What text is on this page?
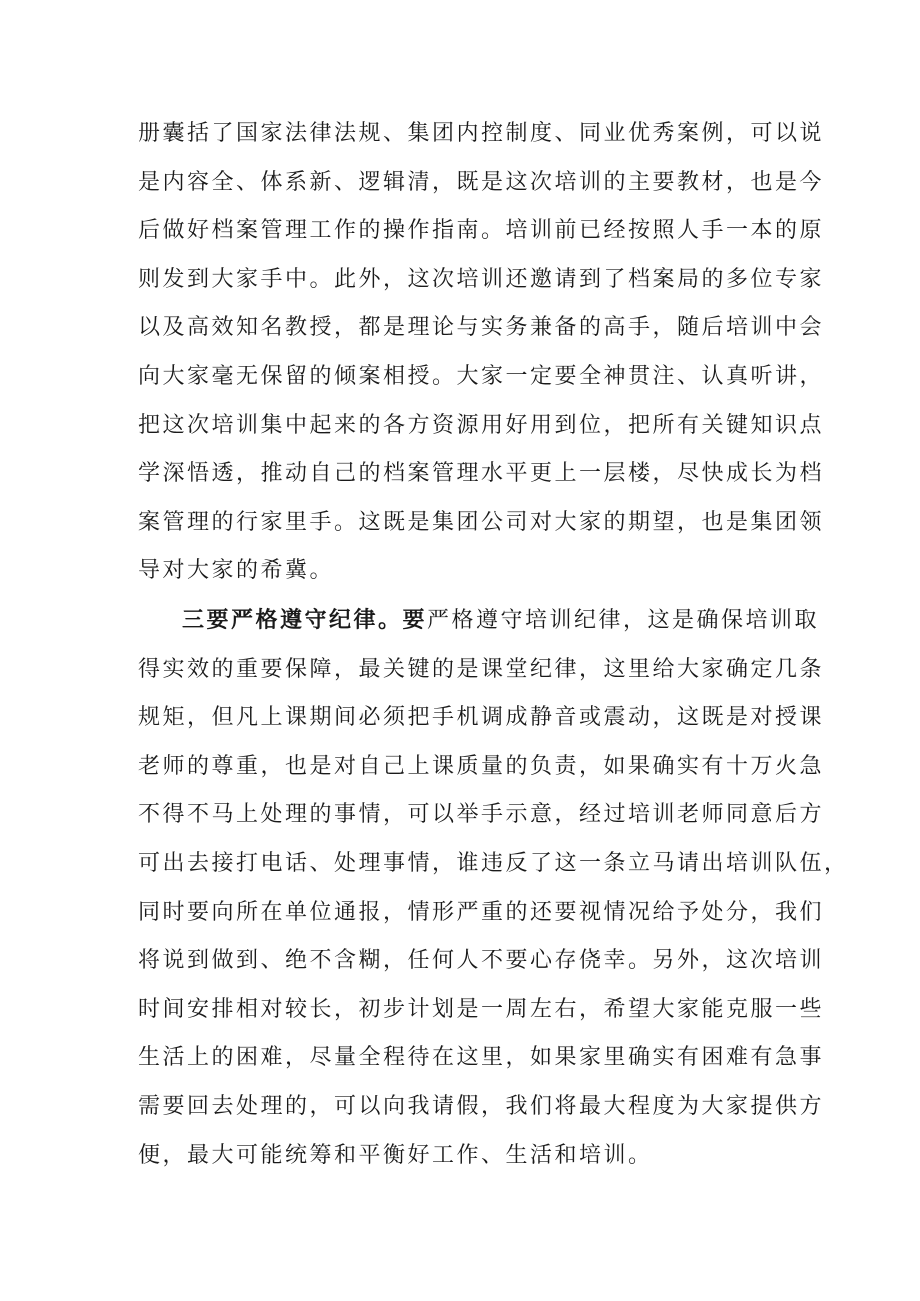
册囊括了国家法律法规、集团内控制度、同业优秀案例，可以说
是内容全、体系新、逻辑清，既是这次培训的主要教材，也是今
后做好档案管理工作的操作指南。培训前已经按照人手一本的原
则发到大家手中。此外，这次培训还邀请到了档案局的多位专家
以及高效知名教授，都是理论与实务兼备的高手，随后培训中会
向大家毫无保留的倾案相授。大家一定要全神贯注、认真听讲，
把这次培训集中起来的各方资源用好用到位，把所有关键知识点
学深悟透，推动自己的档案管理水平更上一层楼，尽快成长为档
案管理的行家里手。这既是集团公司对大家的期望，也是集团领
导对大家的希冀。
三要严格遵守纪律。要严格遵守培训纪律，这是确保培训取
得实效的重要保障，最关键的是课堂纪律，这里给大家确定几条
规矩，但凡上课期间必须把手机调成静音或震动，这既是对授课
老师的尊重，也是对自己上课质量的负责，如果确实有十万火急
不得不马上处理的事情，可以举手示意，经过培训老师同意后方
可出去接打电话、处理事情，谁违反了这一条立马请出培训队伍，
同时要向所在单位通报，情形严重的还要视情况给予处分，我们
将说到做到、绝不含糊，任何人不要心存侥幸。另外，这次培训
时间安排相对较长，初步计划是一周左右，希望大家能克服一些
生活上的困难，尽量全程待在这里，如果家里确实有困难有急事
需要回去处理的，可以向我请假，我们将最大程度为大家提供方
便，最大可能统筹和平衡好工作、生活和培训。
